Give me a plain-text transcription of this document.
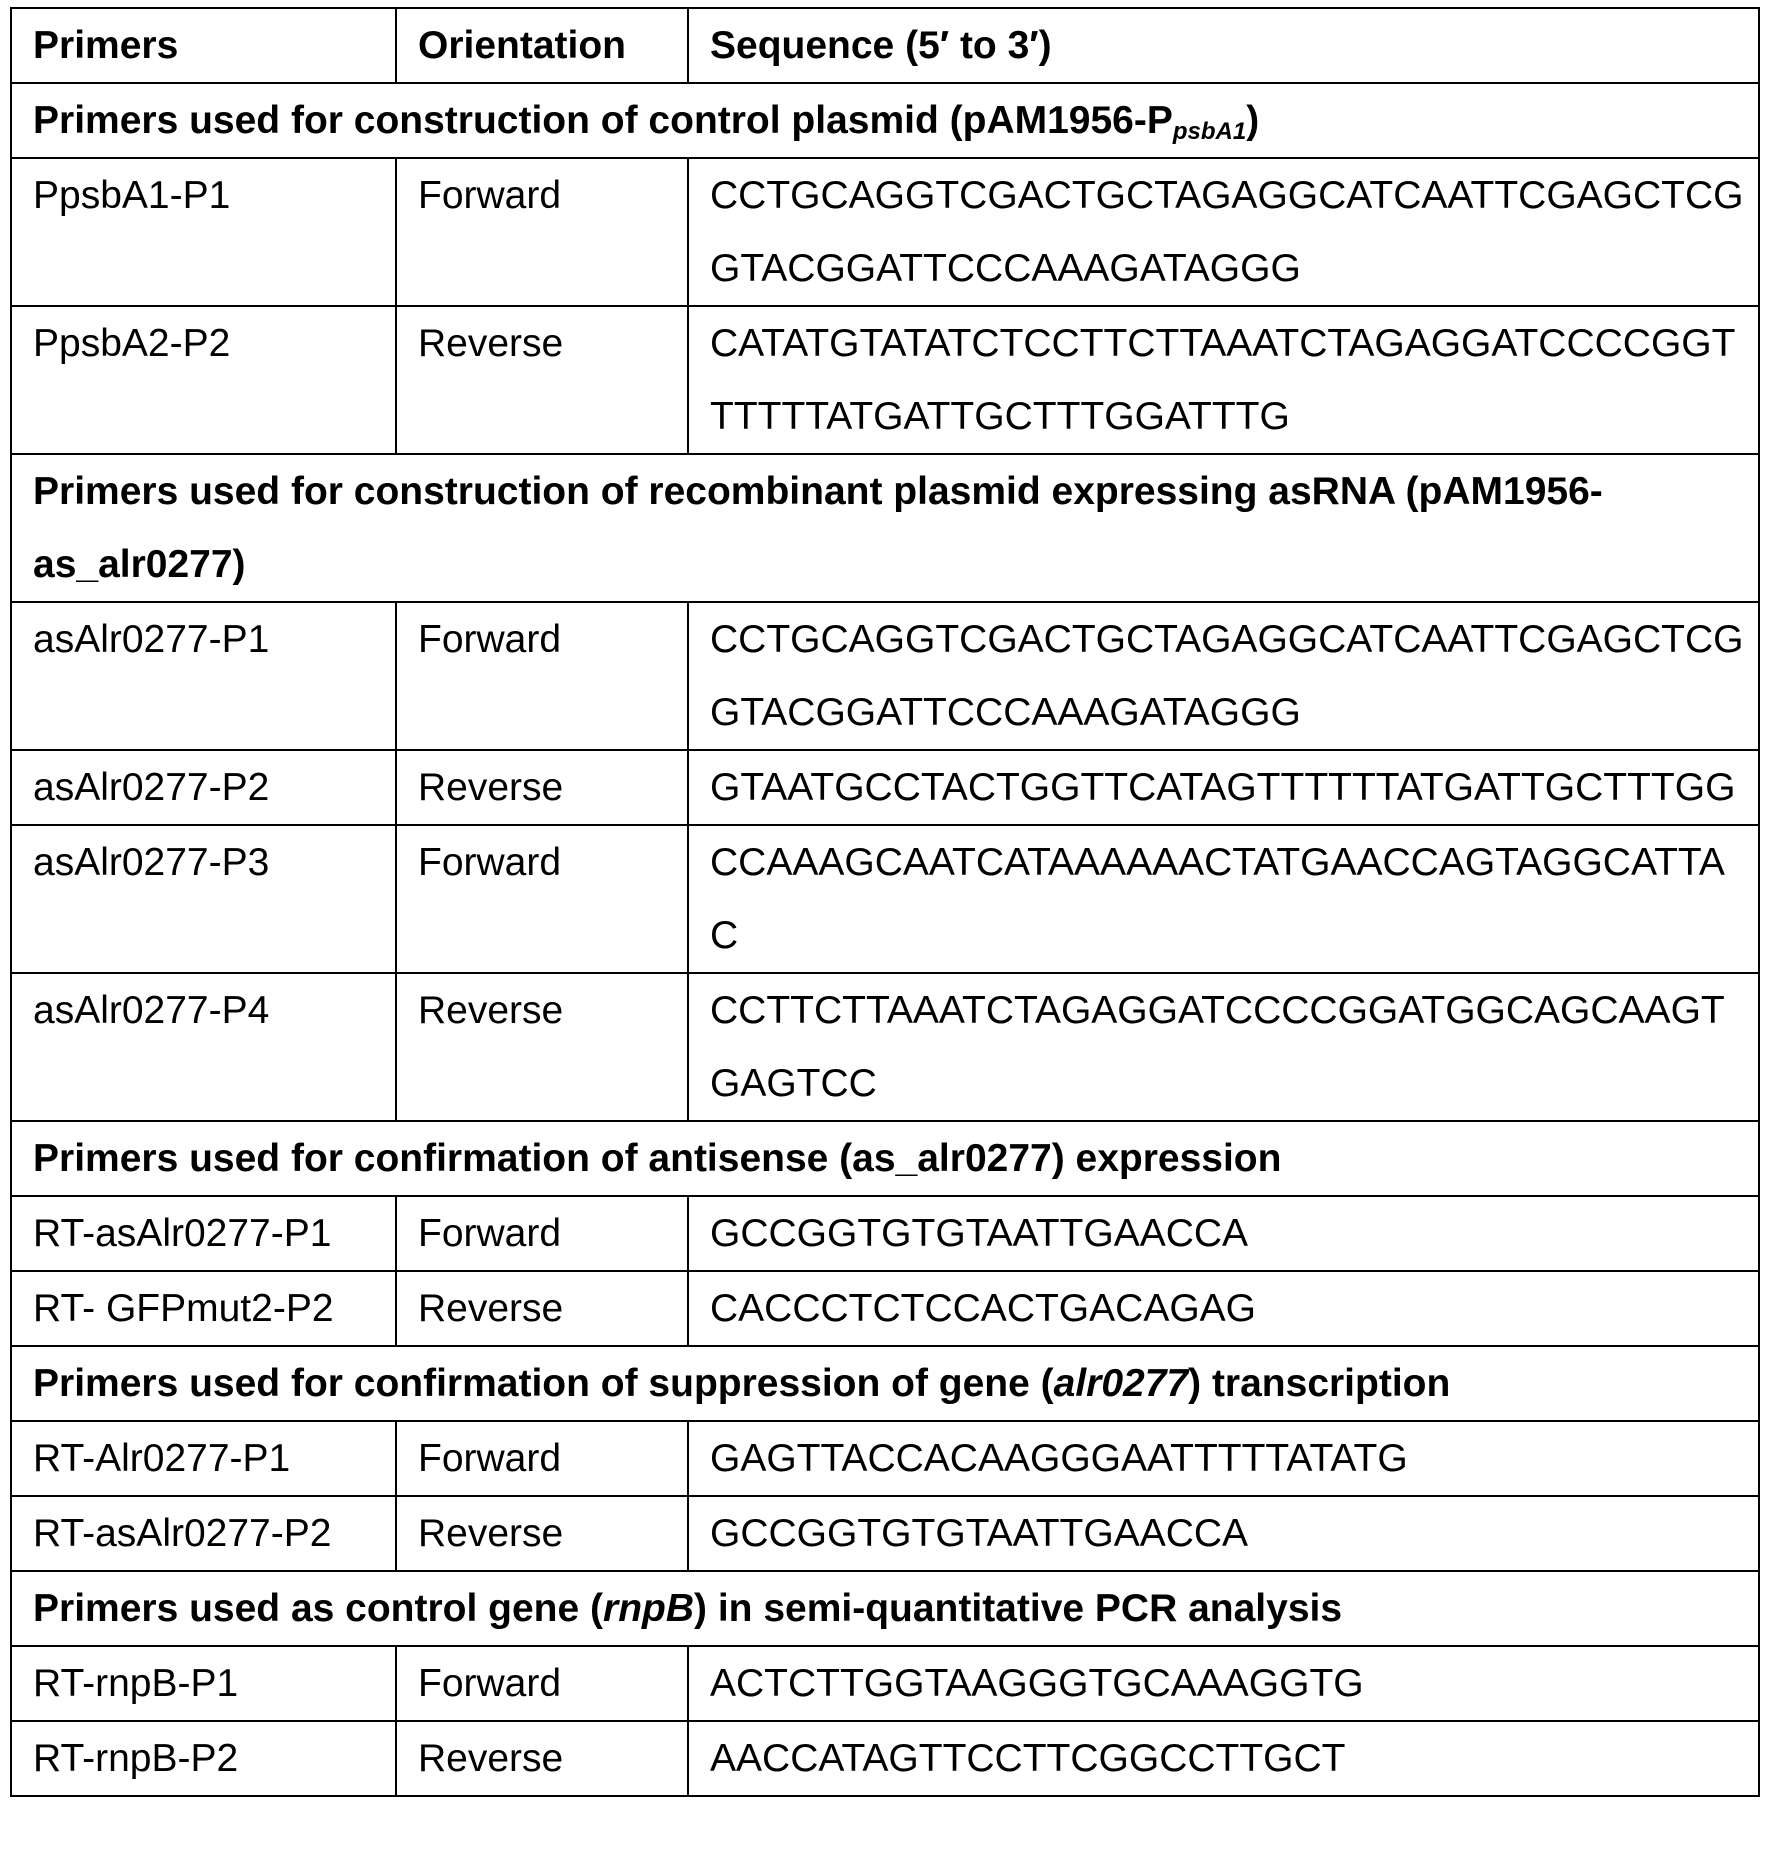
Primers	Orientation	Sequence (5′ to 3′)
Primers used for construction of control plasmid $(pAM1956-P_{psbA1})$		
PpsbA1-P1	Forward	CCTGCAGGTCGACTGCTAGAGGCATCAATTCGAGCTCGGTACGGATTCCCAAAGATAGGG
PpsbA2-P2	Reverse	CATATGTATATCTCCTTCTTAAATCTAGAGGATCCCCGGTTTTTTATGATTGCTTTGGATTTG
Primers used for construction of recombinant plasmid expressing asRNA (pAM1956-as_alr0277)		
asAlr0277-P1	Forward	CCTGCAGGTCGACTGCTAGAGGCATCAATTCGAGCTCGGTACGGATTCCCAAAGATAGGG
asAlr0277-P2	Reverse	GTAATGCCTACTGGTTCATAGTTTTTTATGATTGCTTTGG
asAlr0277-P3	Forward	CCAAAGCAATCATAAAAAACTATGAACCAGTAGGCATTAC
asAlr0277-P4	Reverse	CCTTCTTAAATCTAGAGGATCCCCGGATGGCAGCAAGTGAGTCC
Primers used for confirmation of antisense (as_alr0277) expression		
RT-asAlr0277-P1	Forward	GCCGGTGTGTAATTGAACCA
RT- GFPmut2-P2	Reverse	CACCCTCTCCACTGACAGAG
Primers used for confirmation of suppression of gene (alr0277) transcription		
RT-Alr0277-P1	Forward	GAGTTACCACAAGGGAATTTTTATATG
RT-asAlr0277-P2	Reverse	GCCGGTGTGTAATTGAACCA
Primers used as control gene (rnpB) in semi-quantitative PCR analysis		
RT-rnpB-P1	Forward	ACTCTTGGTAAGGGTGCAAAGGTG
RT-rnpB-P2	Reverse	AACCATAGTTCCTTCGGCCTTGCT
